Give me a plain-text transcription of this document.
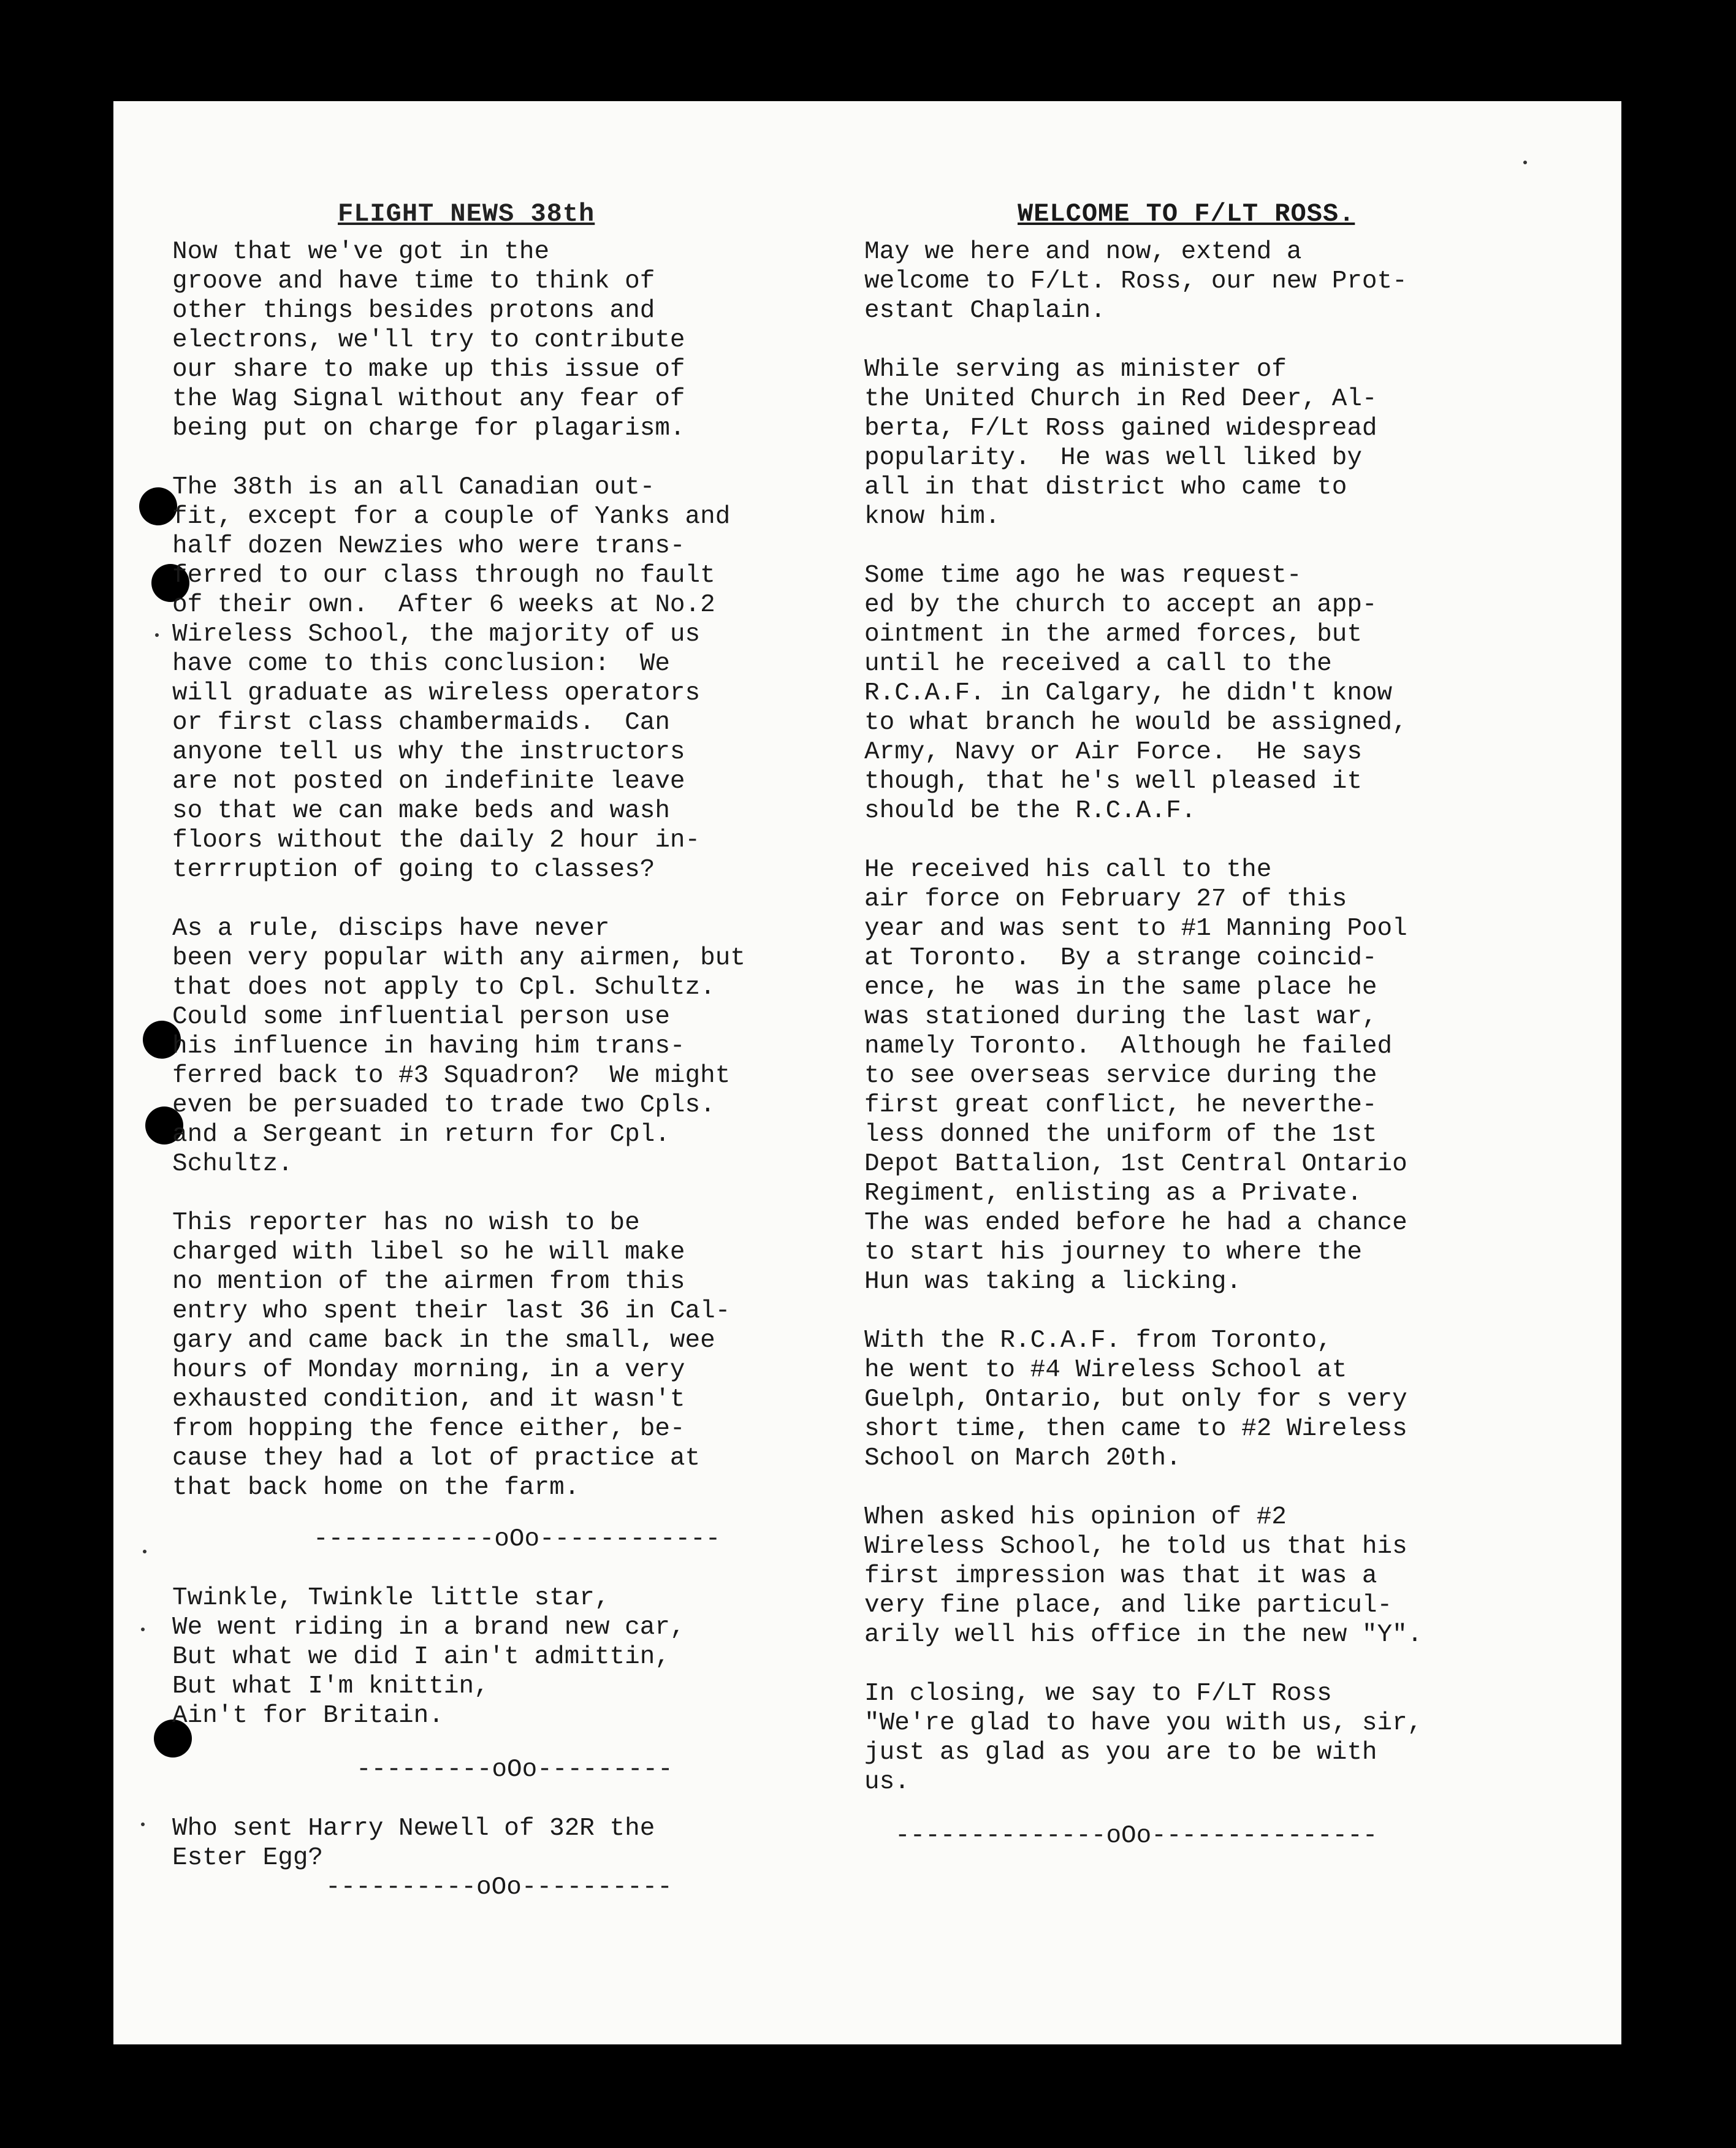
FLIGHT NEWS 38th

Now that we've got in the
groove and have time to think of
other things besides protons and
electrons, we'll try to contribute
our share to make up this issue of
the Wag Signal without any fear of
being put on charge for plagarism.

The 38th is an all Canadian out-
fit, except for a couple of Yanks and
half dozen Newzies who were trans-
ferred to our class through no fault
of their own.  After 6 weeks at No.2
Wireless School, the majority of us
have come to this conclusion:  We
will graduate as wireless operators
or first class chambermaids.  Can
anyone tell us why the instructors
are not posted on indefinite leave
so that we can make beds and wash
floors without the daily 2 hour in-
terrruption of going to classes?

As a rule, discips have never
been very popular with any airmen, but
that does not apply to Cpl. Schultz.
Could some influential person use
his influence in having him trans-
ferred back to #3 Squadron?  We might
even be persuaded to trade two Cpls.
and a Sergeant in return for Cpl.
Schultz.

This reporter has no wish to be
charged with libel so he will make
no mention of the airmen from this
entry who spent their last 36 in Cal-
gary and came back in the small, wee
hours of Monday morning, in a very
exhausted condition, and it wasn't
from hopping the fence either, be-
cause they had a lot of practice at
that back home on the farm.

------------oOo------------

Twinkle, Twinkle little star,
We went riding in a brand new car,
But what we did I ain't admittin,
But what I'm knittin,
Ain't for Britain.

---------oOo---------

Who sent Harry Newell of 32R the
Ester Egg?

----------oOo----------
WELCOME TO F/LT ROSS.

May we here and now, extend a
welcome to F/Lt. Ross, our new Prot-
estant Chaplain.

While serving as minister of
the United Church in Red Deer, Al-
berta, F/Lt Ross gained widespread
popularity.  He was well liked by
all in that district who came to
know him.

Some time ago he was request-
ed by the church to accept an app-
ointment in the armed forces, but
until he received a call to the
R.C.A.F. in Calgary, he didn't know
to what branch he would be assigned,
Army, Navy or Air Force.  He says
though, that he's well pleased it
should be the R.C.A.F.

He received his call to the
air force on February 27 of this
year and was sent to #1 Manning Pool
at Toronto.  By a strange coincid-
ence, he  was in the same place he
was stationed during the last war,
namely Toronto.  Although he failed
to see overseas service during the
first great conflict, he neverthe-
less donned the uniform of the 1st
Depot Battalion, 1st Central Ontario
Regiment, enlisting as a Private.
The was ended before he had a chance
to start his journey to where the
Hun was taking a licking.

With the R.C.A.F. from Toronto,
he went to #4 Wireless School at
Guelph, Ontario, but only for s very
short time, then came to #2 Wireless
School on March 20th.

When asked his opinion of #2
Wireless School, he told us that his
first impression was that it was a
very fine place, and like particul-
arily well his office in the new "Y".

In closing, we say to F/LT Ross
"We're glad to have you with us, sir,
just as glad as you are to be with
us.

--------------oOo---------------
